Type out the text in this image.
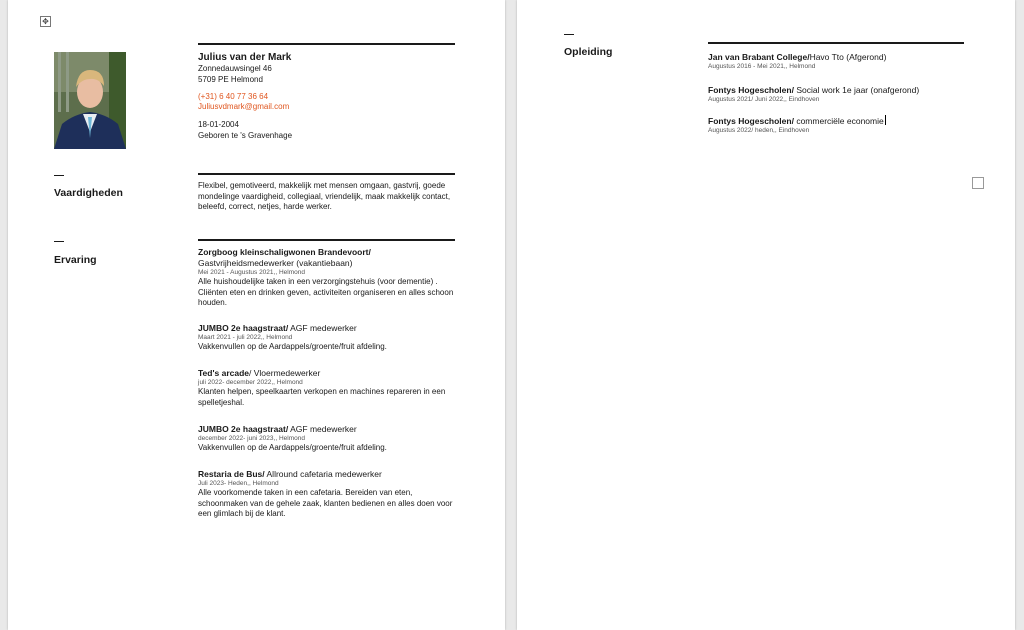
✥
Julius van der Mark
Zonnedauwsingel 46
5709 PE Helmond
(+31) 6 40 77 36 64
Juliusvdmark@gmail.com
18-01-2004
Geboren te 's Gravenhage
Vaardigheden
Flexibel, gemotiveerd, makkelijk met mensen omgaan, gastvrij, goede mondelinge vaardigheid, collegiaal, vriendelijk, maak makkelijk contact, beleefd, correct, netjes, harde werker.
Ervaring
Zorgboog kleinschaligwonen Brandevoort/
Gastvrijheidsmedewerker (vakantiebaan)
Mei 2021 - Augustus 2021,, Helmond
Alle huishoudelijke taken in een verzorgingstehuis (voor dementie) . Cliënten eten en drinken geven, activiteiten organiseren en alles schoon houden.
JUMBO 2e haagstraat/ AGF medewerker
Maart 2021 - juli 2022,, Helmond
Vakkenvullen op de Aardappels/groente/fruit afdeling.
Ted's arcade/ Vloermedewerker
juli 2022- december 2022,, Helmond
Klanten helpen, speelkaarten verkopen en machines repareren in een spelletjeshal.
JUMBO 2e haagstraat/ AGF medewerker
december 2022- juni 2023,, Helmond
Vakkenvullen op de Aardappels/groente/fruit afdeling.
Restaria de Bus/ Allround cafetaria medewerker
Juli 2023- Heden,, Helmond
Alle voorkomende taken in een cafetaria. Bereiden van eten, schoonmaken van de gehele zaak, klanten bedienen en alles doen voor een glimlach bij de klant.
Opleiding	Jan van Brabant College/Havo Tto (Afgerond)
Augustus 2016 - Mei 2021,, Helmond
Fontys Hogescholen/ Social work 1e jaar (onafgerond)
Augustus 2021/ Juni 2022,, Eindhoven
Fontys Hogescholen/ commerciële economie
Augustus 2022/ heden,, Eindhoven
